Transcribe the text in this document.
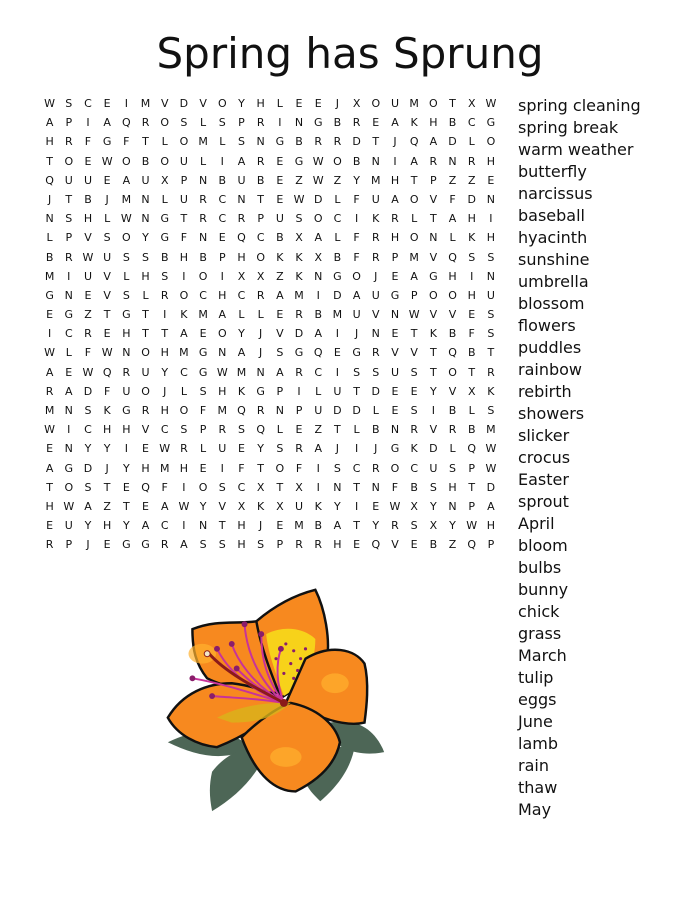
Spring has Sprung
W S	C	E	I	M V	D	V	O	Y	H	L	E	E	J	X	O U M O	T	X W
A	P	I	A	Q	R	O	S	L	S	P	R	I	N G	B	R	E	A	K	H	B	C	G
H	R	F	G	F	T	L	O M	L	S	N G	B	R	R	D	T	J	Q	A	D	L	O
T	O	E W O	B	O U	L	I	A	R	E	G W O	B	N	I	A	R	N	R	H
Q U	U	E	A	U	X	P	N	B	U	B	E	Z W Z	Y	M H	T	P	Z	Z	E
J	T	B	J	M N	L	U	R	C	N	T	E W D	L	F	U	A	O	V	F	D N
N	S	H	L W N G	T	R	C	R	P	U	S	O	C	I	K	R	L	T	A	H	I
L	P	V	S	O	Y	G	F	N	E	Q	C	B	X	A	L	F	R	H O N	L	K	H
B	R W U	S	S	B	H	B	P	H O	K	K	X	B	F	R	P	M V	Q	S	S
M	I	U	V	L	H	S	I	O	I	X	X	Z	K	N G O	J	E	A	G H	I	N
G N	E	V	S	L	R	O	C	H	C	R	A M	I	D	A	U G	P	O O H	U
E	G	Z	T	G	T	I	K M A	L	L	E	R	B M U	V	N W V	V	E	S
I	C	R	E	H	T	T	A	E	O	Y	J	V	D	A	I	J	N	E	T	K	B	F	S
W L	F W N O H M G N	A	J	S	G Q	E	G	R	V	V	T	Q	B	T
A	E W Q	R	U	Y	C	G W M N	A	R	C	I	S	S	U	S	T	O	T	R
R	A	D	F	U O	J	L	S	H	K	G	P	I	L	U	T	D	E	E	Y	V	X	K
M N	S	K	G	R	H O	F	M Q	R	N	P	U D D	L	E	S	I	B	L	S
W	I	C	H H	V	C	S	P	R	S	Q	L	E	Z	T	L	B	N	R	V	R	B M
E	N	Y	Y	I	E W R	L	U	E	Y	S	R	A	J	I	J	G	K	D	L	Q W
A	G D	J	Y	H M H	E	I	F	T	O	F	I	S	C	R	O	C	U	S	P W
T	O	S	T	E	Q	F	I	O	S	C	X	T	X	I	N	T	N	F	B	S	H	T	D
H W A	Z	T	E	A W Y	V	X	K	X	U	K	Y	I	E W X	Y	N	P	A
E	U	Y	H	Y	A	C	I	N	T	H	J	E M B	A	T	Y	R	S	X	Y W H
R	P	J	E	G G	R	A	S	S	H	S	P	R	R	H	E	Q	V	E	B	Z	Q	P
spring cleaning
spring break
warm weather
butterfly
narcissus
baseball
hyacinth
sunshine
umbrella
blossom
flowers
puddles
rainbow
rebirth
showers
slicker
crocus
Easter
sprout
April
bloom
bulbs
bunny
chick
grass
March
tulip
eggs
June
lamb
rain
thaw
May
